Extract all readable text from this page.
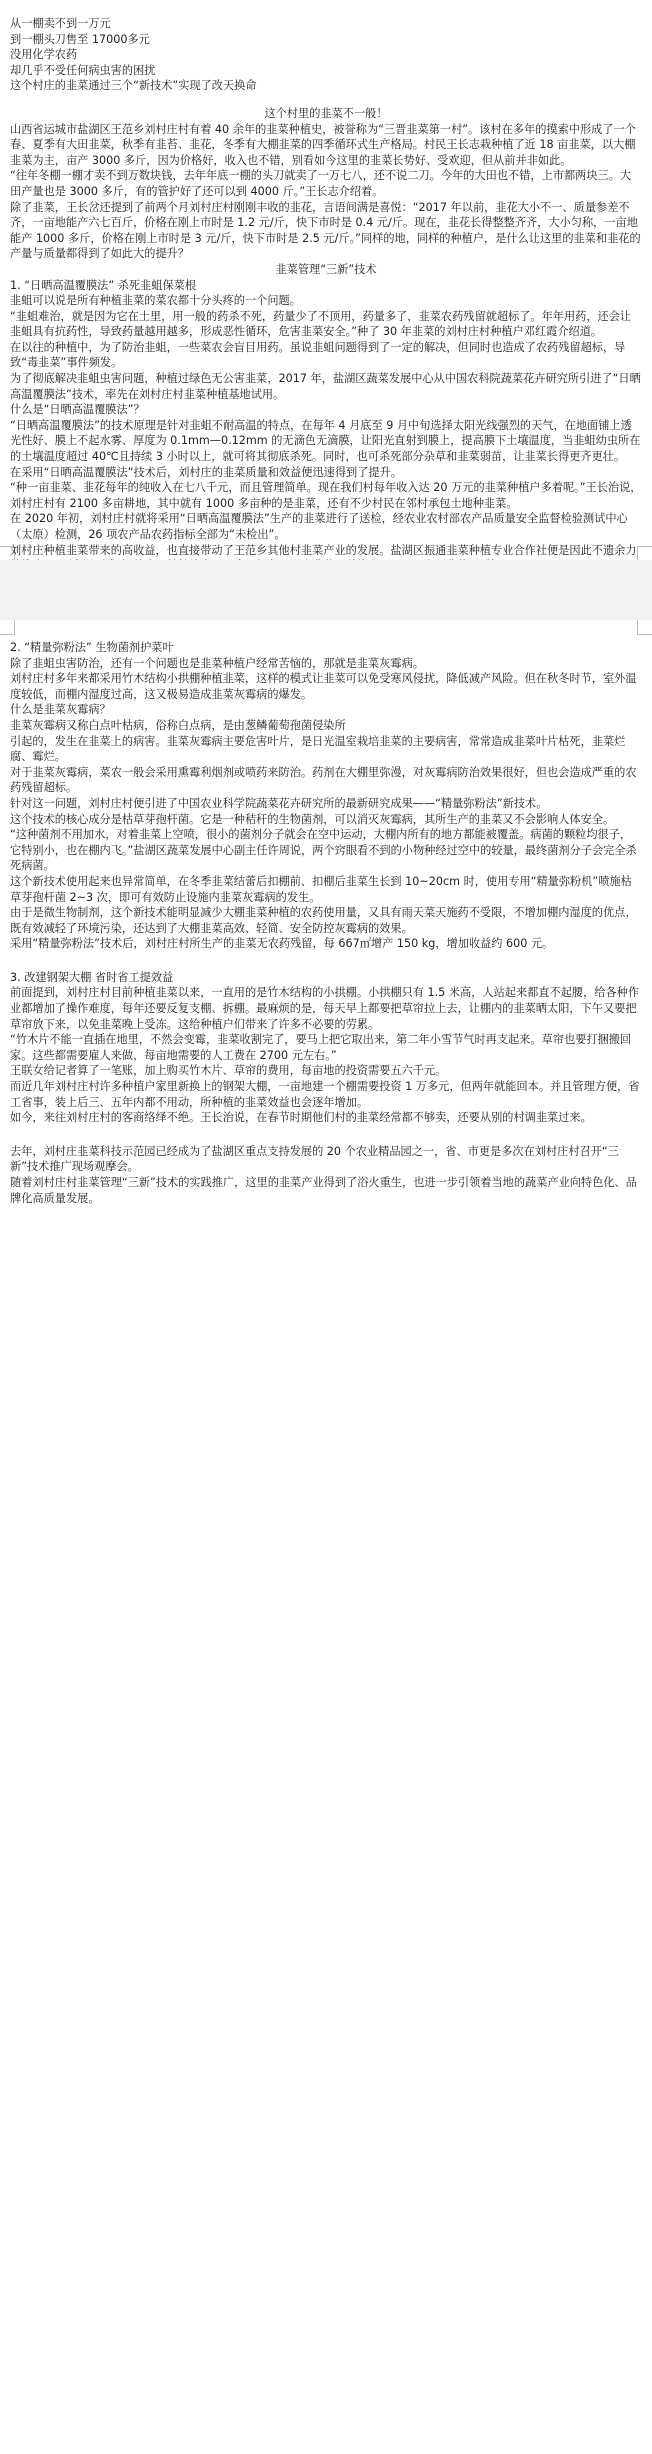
从一棚卖不到一万元

到一棚头刀售至 17000多元

没用化学农药

却几乎不受任何病虫害的困扰

这个村庄的韭菜通过三个“新技术”实现了改天换命

这个村里的韭菜不一般！

山西省运城市盐湖区王范乡刘村庄村有着 40 余年的韭菜种植史，被誉称为“三晋韭菜第一村”。该村在多年的摸索中形成了一个春、夏季有大田韭菜，秋季有韭苔、韭花，冬季有大棚韭菜的四季循环式生产格局。村民王长志栽种植了近 18 亩韭菜，以大棚韭菜为主，亩产 3000 多斤，因为价格好，收入也不错，别看如今这里的韭菜长势好、受欢迎，但从前并非如此。

“往年冬棚一棚才卖不到万数块钱，去年年底一棚的头刀就卖了一万七八，还不说二刀。今年的大田也不错，上市都两块三。大田产量也是 3000 多斤，有的管护好了还可以到 4000 斤。”王长志介绍着。

除了韭菜，王长岔还提到了前两个月刘村庄村刚刚丰收的韭花，言语间满是喜悦：“2017 年以前，韭花大小不一、质量参差不齐，一亩地能产六七百斤，价格在刚上市时是 1.2 元/斤，快下市时是 0.4 元/斤。现在，韭花长得整整齐齐，大小匀称，一亩地能产 1000 多斤，价格在刚上市时是 3 元/斤，快下市时是 2.5 元/斤。”同样的地，同样的种植户，是什么让这里的韭菜和韭花的产量与质量都得到了如此大的提升？

韭菜管理“三新”技术

1. “日晒高温覆膜法” 杀死韭蛆保菜根

韭蛆可以说是所有种植韭菜的菜农都十分头疼的一个问题。

“韭蛆难治，就是因为它在土里，用一般的药杀不死，药量少了不顶用，药量多了，韭菜农药残留就超标了。年年用药，还会让韭蛆具有抗药性，导致药量越用越多，形成恶性循环，危害韭菜安全。”种了 30 年韭菜的刘村庄村种植户邓红霞介绍道。

在以往的种植中，为了防治韭蛆，一些菜农会盲目用药。虽说韭蛆问题得到了一定的解决，但同时也造成了农药残留超标，导致“毒韭菜”事件频发。

为了彻底解决韭蛆虫害问题，种植过绿色无公害韭菜，2017 年，盐湖区蔬菜发展中心从中国农科院蔬菜花卉研究所引进了“日晒高温覆膜法”技术，率先在刘村庄村韭菜种植基地试用。

什么是“日晒高温覆膜法”？

“日晒高温覆膜法”的技术原理是针对韭蛆不耐高温的特点，在每年 4 月底至 9 月中旬选择太阳光线强烈的天气，在地面铺上透光性好、膜上不起水雾、厚度为 0.1mm—0.12mm 的无滴色无滴膜，让阳光直射到膜上，提高膜下土壤温度，当韭蛆幼虫所在的土壤温度超过 40℃且持续 3 小时以上，就可将其彻底杀死。同时，也可杀死部分杂草和韭菜弱苗，让韭菜长得更齐更壮。

在采用“日晒高温覆膜法”技术后，刘村庄的韭菜质量和效益便迅速得到了提升。

“种一亩韭菜、韭花每年的纯收入在七八千元，而且管理简单。现在我们村每年收入达 20 万元的韭菜种植户多着呢。”王长治说，刘村庄村有 2100 多亩耕地，其中就有 1000 多亩种的是韭菜，还有不少村民在邻村承包土地种韭菜。

在 2020 年初，刘村庄村就将采用“日晒高温覆膜法”生产的韭菜进行了送检，经农业农村部农产品质量安全监督检验测试中心（太原）检测，26 项农产品农药指标全部为“未检出”。

刘村庄种植韭菜带来的高收益，也直接带动了王范乡其他村韭菜产业的发展。盐湖区振通韭菜种植专业合作社便是因此不遗余力

2. “精量弥粉法” 生物菌剂护菜叶

除了韭蛆虫害防治，还有一个问题也是韭菜种植户经常苦恼的，那就是韭菜灰霉病。

刘村庄村多年来都采用竹木结构小拱棚种植韭菜，这样的模式让韭菜可以免受寒风侵扰，降低减产风险。但在秋冬时节，室外温度较低，而棚内湿度过高，这又极易造成韭菜灰霉病的爆发。

什么是韭菜灰霉病？

韭菜灰霉病又称白点叶枯病，俗称白点病，是由葱鳞葡萄孢菌侵染所

引起的，发生在韭菜上的病害。韭菜灰霉病主要危害叶片，是日光温室栽培韭菜的主要病害，常常造成韭菜叶片枯死，韭菜烂腐、霉烂。

对于韭菜灰霉病，菜农一般会采用熏霉利烟剂或喷药来防治。药剂在大棚里弥漫，对灰霉病防治效果很好，但也会造成严重的农药残留超标。

针对这一问题，刘村庄村便引进了中国农业科学院蔬菜花卉研究所的最新研究成果——“精量弥粉法”新技术。

这个技术的核心成分是枯草芽孢杆菌。它是一种秸秆的生物菌剂，可以消灭灰霉病，其所生产的韭菜又不会影响人体安全。

“这种菌剂不用加水，对着韭菜上空喷，很小的菌剂分子就会在空中运动，大棚内所有的地方都能被覆盖。病菌的颗粒均很子，它特别小，也在棚内飞。”盐湖区蔬菜发展中心副主任许周说，两个窍眼看不到的小物种经过空中的较量，最终菌剂分子会完全杀死病菌。

这个新技术使用起来也异常简单，在冬季韭菜结蕾后扣棚前、扣棚后韭菜生长到 10~20cm 时，使用专用“精量弥粉机”喷施枯草芽孢杆菌 2~3 次，即可有效防止设施内韭菜灰霉病的发生。

由于是微生物制剂，这个新技术能明显减少大棚韭菜种植的农药使用量，又具有雨天菜天施药不受限，不增加棚内湿度的优点，既有效减轻了环境污染，还达到了大棚韭菜高效、轻简、安全防控灰霉病的效果。

采用“精量弥粉法”技术后，刘村庄村所生产的韭菜无农药残留，每 667㎡增产 150 kg，增加收益约 600 元。

3. 改建钢架大棚 省时省工提效益

前面提到，刘村庄村目前种植韭菜以来，一直用的是竹木结构的小拱棚。小拱棚只有 1.5 米高，人站起来都直不起腰，给各种作业都增加了操作难度，每年还要反复支棚、拆棚。最麻烦的是，每天早上都要把草帘拉上去，让棚内的韭菜晒太阳，下午又要把草帘放下来，以免韭菜晚上受冻。这给种植户们带来了许多不必要的劳累。

“竹木片不能一直插在地里，不然会变霉，韭菜收割完了，要马上把它取出来，第二年小雪节气时再支起来。草帘也要打捆搬回家。这些都需要雇人来做，每亩地需要的人工费在 2700 元左右。”

王联女给记者算了一笔账，加上购买竹木片、草帘的费用，每亩地的投资需要五六千元。

而近几年刘村庄村许多种植户家里新换上的钢架大棚，一亩地建一个棚需要投资 1 万多元，但两年就能回本。并且管理方便，省工省事，装上后三、五年内都不用动，所种植的韭菜效益也会逐年增加。

如今，来往刘村庄村的客商络绎不绝。王长治说，在春节时期他们村的韭菜经常都不够卖，还要从别的村调韭菜过来。

去年，刘村庄韭菜科技示范园已经成为了盐湖区重点支持发展的 20 个农业精品园之一，省、市更是多次在刘村庄村召开“三新”技术推广现场观摩会。

随着刘村庄村韭菜管理“三新”技术的实践推广，这里的韭菜产业得到了浴火重生，也进一步引领着当地的蔬菜产业向特色化、品牌化高质量发展。
